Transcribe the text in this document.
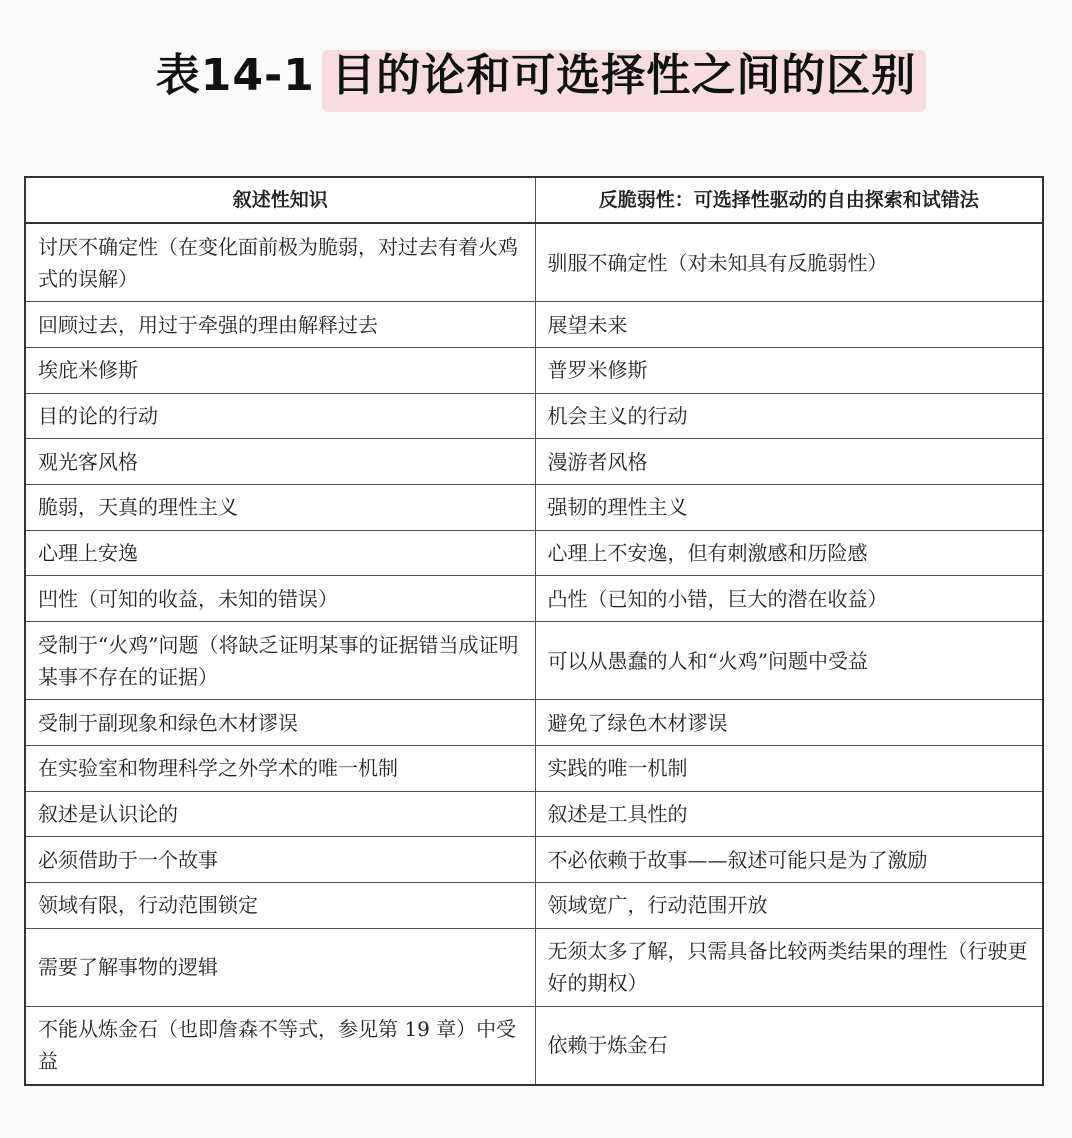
表14-1 目的论和可选择性之间的区别
叙述性知识	反脆弱性：可选择性驱动的自由探索和试错法
讨厌不确定性（在变化面前极为脆弱，对过去有着火鸡式的误解）	驯服不确定性（对未知具有反脆弱性）
回顾过去，用过于牵强的理由解释过去	展望未来
埃庇米修斯	普罗米修斯
目的论的行动	机会主义的行动
观光客风格	漫游者风格
脆弱，天真的理性主义	强韧的理性主义
心理上安逸	心理上不安逸，但有刺激感和历险感
凹性（可知的收益，未知的错误）	凸性（已知的小错，巨大的潜在收益）
受制于“火鸡”问题（将缺乏证明某事的证据错当成证明某事不存在的证据）	可以从愚蠢的人和“火鸡”问题中受益
受制于副现象和绿色木材谬误	避免了绿色木材谬误
在实验室和物理科学之外学术的唯一机制	实践的唯一机制
叙述是认识论的	叙述是工具性的
必须借助于一个故事	不必依赖于故事——叙述可能只是为了激励
领域有限，行动范围锁定	领域宽广，行动范围开放
需要了解事物的逻辑	无须太多了解，只需具备比较两类结果的理性（行驶更好的期权）
不能从炼金石（也即詹森不等式，参见第 19 章）中受益	依赖于炼金石
